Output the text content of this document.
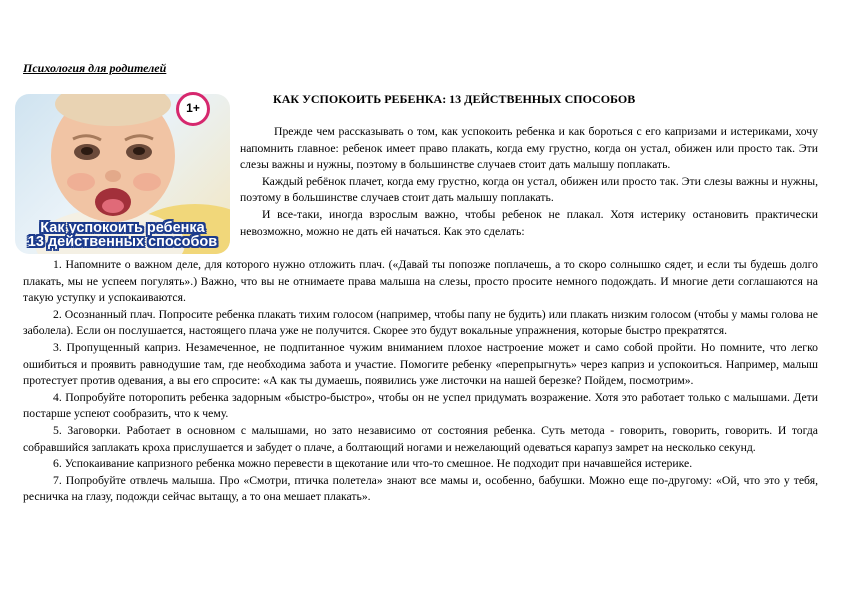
Психология для родителей
1+
Как успокоить ребенка
13 действенных способов
КАК УСПОКОИТЬ РЕБЕНКА: 13 ДЕЙСТВЕННЫХ СПОСОБОВ

Прежде чем рассказывать о том, как успокоить ребенка и как бороться с его капризами и истериками, хочу напомнить главное: ребенок имеет право плакать, когда ему грустно, когда он устал, обижен или просто так. Эти слезы важны и нужны, поэтому в большинстве случаев стоит дать малышу поплакать.

Каждый ребёнок плачет, когда ему грустно, когда он устал, обижен или просто так. Эти слезы важны и нужны, поэтому в большинстве случаев стоит дать малышу поплакать.

И все-таки, иногда взрослым важно, чтобы ребенок не плакал. Хотя истерику остановить практически невозможно, можно не дать ей начаться. Как это сделать:

1. Напомните о важном деле, для которого нужно отложить плач. («Давай ты попозже поплачешь, а то скоро солнышко сядет, и если ты будешь долго плакать, мы не успеем погулять».) Важно, что вы не отнимаете права малыша на слезы, просто просите немного подождать. И многие дети соглашаются на такую уступку и успокаиваются.

2. Осознанный плач. Попросите ребенка плакать тихим голосом (например, чтобы папу не будить) или плакать низким голосом (чтобы у мамы голова не заболела). Если он послушается, настоящего плача уже не получится. Скорее это будут вокальные упражнения, которые быстро прекратятся.

3. Пропущенный каприз. Незамеченное, не подпитанное чужим вниманием плохое настроение может и само собой пройти. Но помните, что легко ошибиться и проявить равнодушие там, где необходима забота и участие. Помогите ребенку «перепрыгнуть» через каприз и успокоиться. Например, малыш протестует против одевания, а вы его спросите: «А как ты думаешь, появились уже листочки на нашей березке? Пойдем, посмотрим».

4. Попробуйте поторопить ребенка задорным «быстро-быстро», чтобы он не успел придумать возражение. Хотя это работает только с малышами. Дети постарше успеют сообразить, что к чему.

5. Заговорки. Работает в основном с малышами, но зато независимо от состояния ребенка. Суть метода - говорить, говорить, говорить. И тогда собравшийся заплакать кроха прислушается и забудет о плаче, а болтающий ногами и нежелающий одеваться карапуз замрет на несколько секунд.

6. Успокаивание капризного ребенка можно перевести в щекотание или что-то смешное. Не подходит при начавшейся истерике.

7. Попробуйте отвлечь малыша. Про «Смотри, птичка полетела» знают все мамы и, особенно, бабушки. Можно еще по-другому: «Ой, что это у тебя, ресничка на глазу, подожди сейчас вытащу, а то она мешает плакать».
